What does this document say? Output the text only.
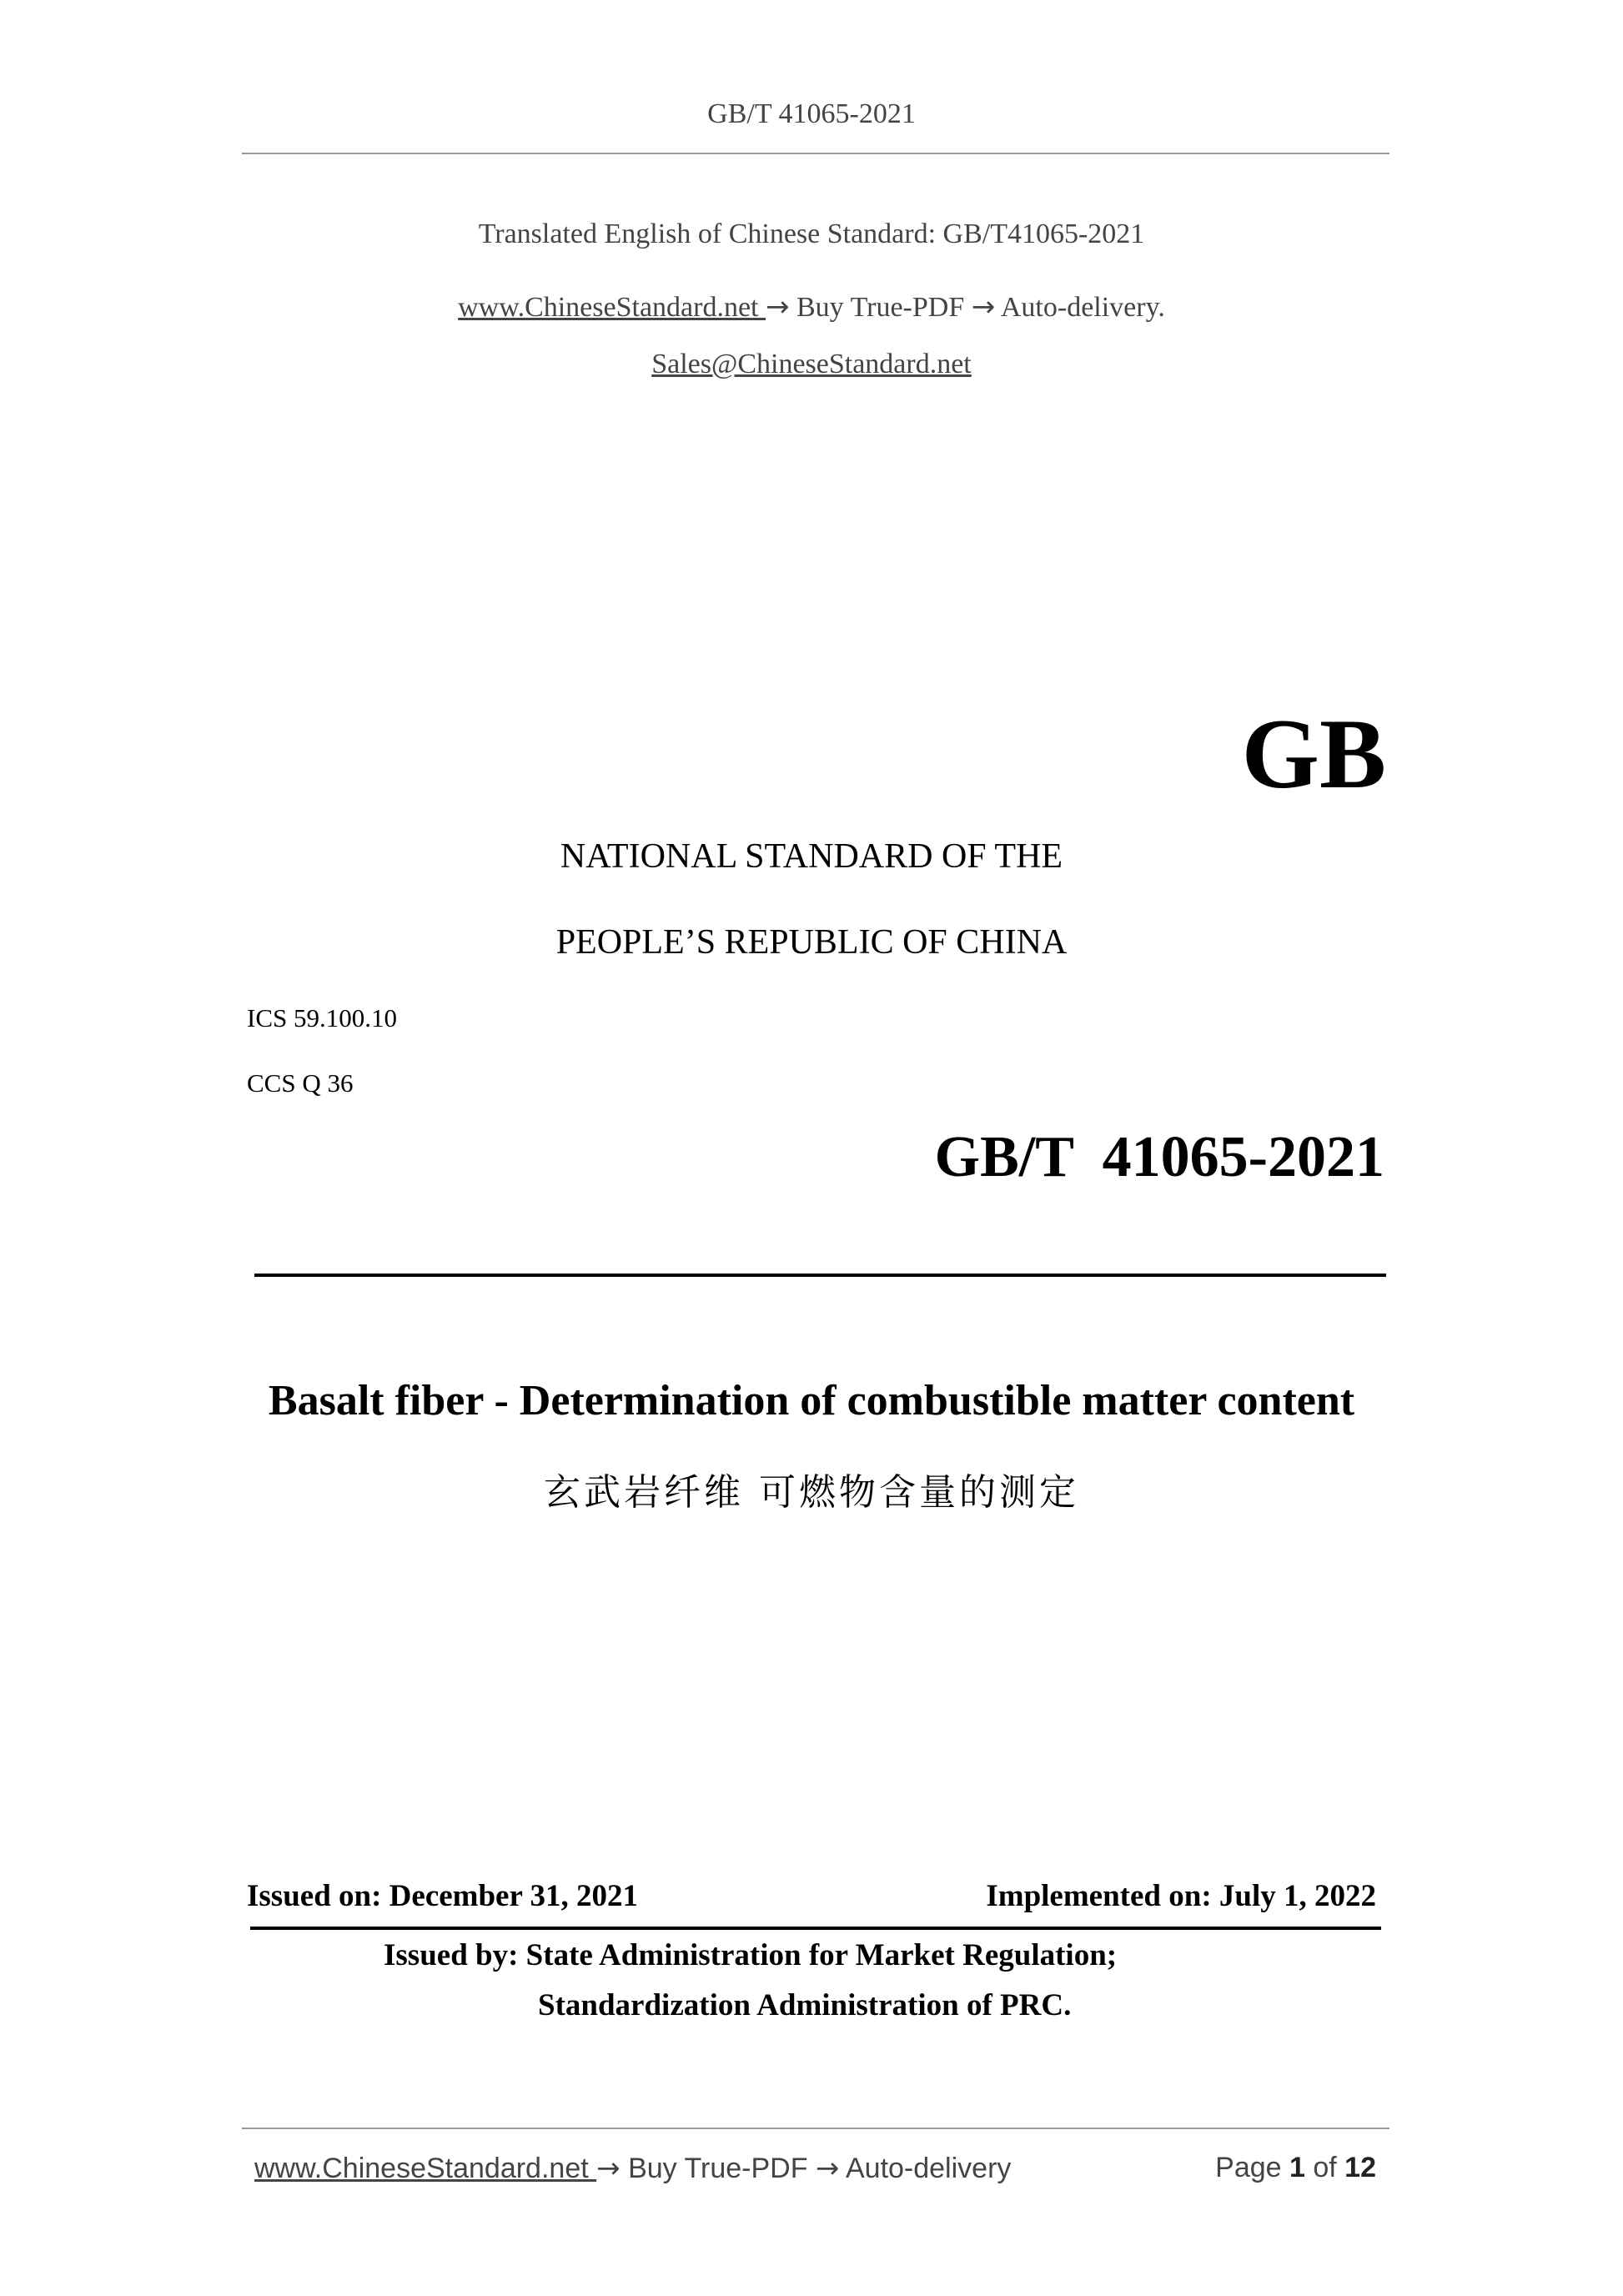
GB/T 41065-2021
Translated English of Chinese Standard: GB/T41065-2021
www.ChineseStandard.net → Buy True-PDF → Auto-delivery.
Sales@ChineseStandard.net
GB
NATIONAL STANDARD OF THE
PEOPLE’S REPUBLIC OF CHINA
ICS 59.100.10
CCS Q 36
GB/T  41065-2021
Basalt fiber - Determination of combustible matter content
玄武岩纤维 可燃物含量的测定
Issued on: December 31, 2021	Implemented on: July 1, 2022
Issued by: State Administration for Market Regulation;
Standardization Administration of PRC.
www.ChineseStandard.net → Buy True-PDF → Auto-delivery	Page 1 of 12
